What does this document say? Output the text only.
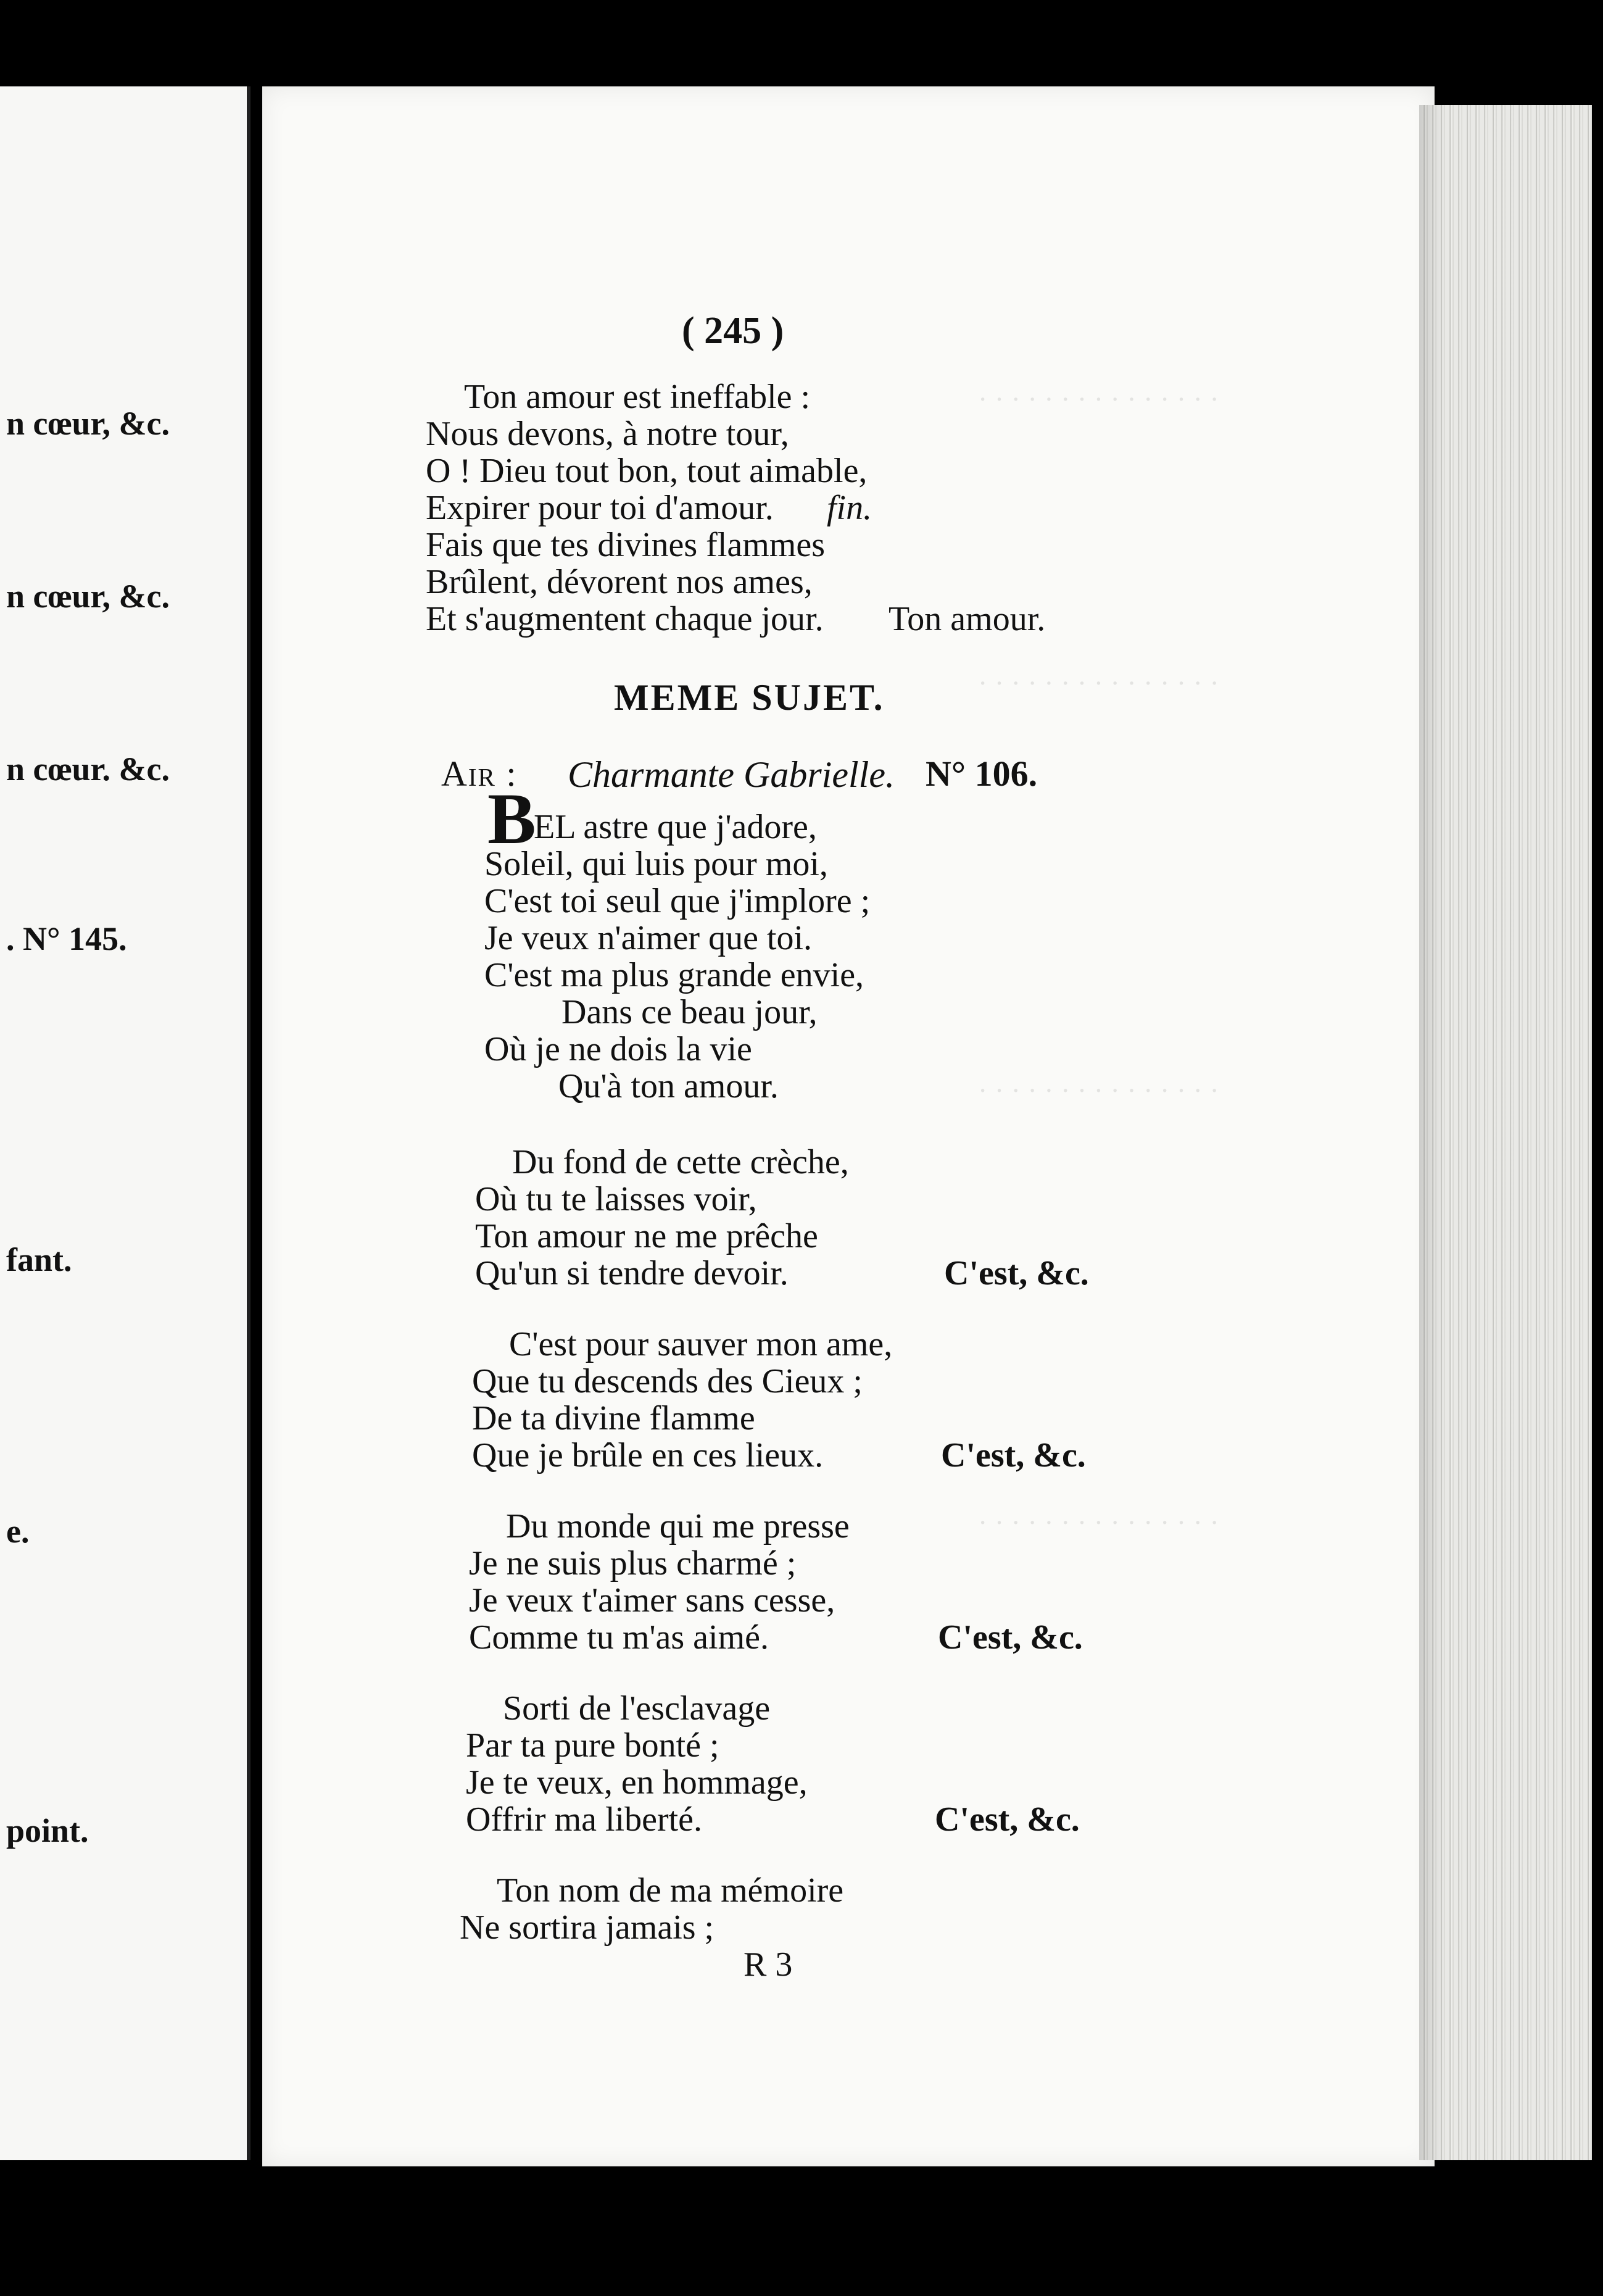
n cœur, &c.
n cœur, &c.
n cœur. &c.
. N° 145.
fant.
e.
point.
· · · · · · · · · · · · · · ·
· · · · · · · · · · · · · · ·
· · · · · · · · · · · · · · ·
· · · · · · · · · · · · · · ·
( 245 )
Ton amour est ineffable :
Nous devons, à notre tour,
O ! Dieu tout bon, tout aimable,
Expirer pour toi d'amour. fin.
Fais que tes divines flammes
Brûlent, dévorent nos ames,
Et s'augmentent chaque jour. Ton amour.
MEME SUJET.
Air : Charmante Gabrielle. N° 106.
B
EL astre que j'adore,
Soleil, qui luis pour moi,
C'est toi seul que j'implore ;
Je veux n'aimer que toi.
C'est ma plus grande envie,
Dans ce beau jour,
Où je ne dois la vie
Qu'à ton amour.
Du fond de cette crèche,
Où tu te laisses voir,
Ton amour ne me prêche
Qu'un si tendre devoir.	C'est, &c.
C'est pour sauver mon ame,
Que tu descends des Cieux ;
De ta divine flamme
Que je brûle en ces lieux.	C'est, &c.
Du monde qui me presse
Je ne suis plus charmé ;
Je veux t'aimer sans cesse,
Comme tu m'as aimé.	C'est, &c.
Sorti de l'esclavage
Par ta pure bonté ;
Je te veux, en hommage,
Offrir ma liberté.	C'est, &c.
Ton nom de ma mémoire
Ne sortira jamais ;
R 3
